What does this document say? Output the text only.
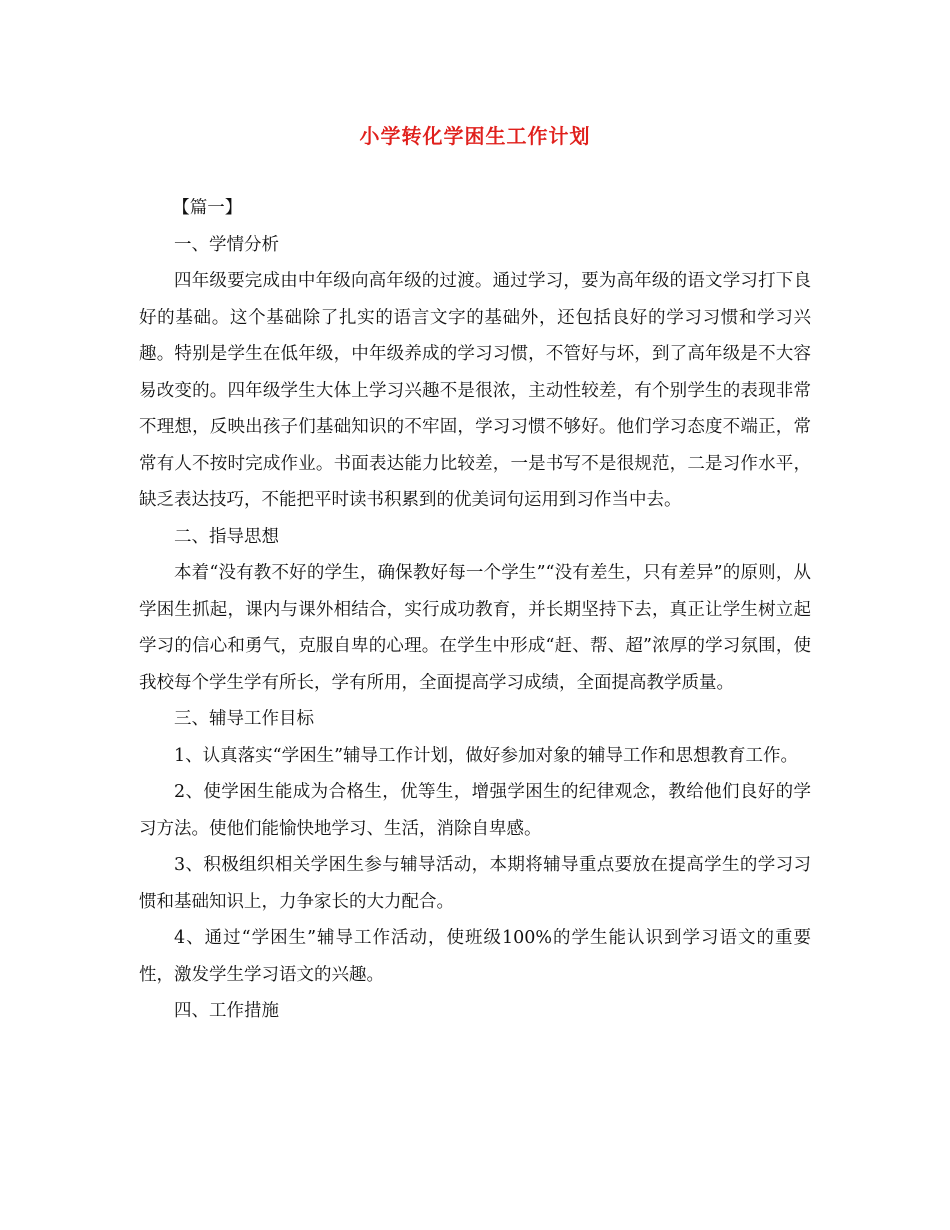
小学转化学困生工作计划

【篇一】

一、学情分析

四年级要完成由中年级向高年级的过渡。通过学习，要为高年级的语文学习打下良好的基础。这个基础除了扎实的语言文字的基础外，还包括良好的学习习惯和学习兴趣。特别是学生在低年级，中年级养成的学习习惯，不管好与坏，到了高年级是不大容易改变的。四年级学生大体上学习兴趣不是很浓，主动性较差，有个别学生的表现非常不理想，反映出孩子们基础知识的不牢固，学习习惯不够好。他们学习态度不端正，常常有人不按时完成作业。书面表达能力比较差，一是书写不是很规范，二是习作水平，缺乏表达技巧，不能把平时读书积累到的优美词句运用到习作当中去。

二、指导思想

本着“没有教不好的学生，确保教好每一个学生”“没有差生，只有差异”的原则，从学困生抓起，课内与课外相结合，实行成功教育，并长期坚持下去，真正让学生树立起学习的信心和勇气，克服自卑的心理。在学生中形成“赶、帮、超”浓厚的学习氛围，使我校每个学生学有所长，学有所用，全面提高学习成绩，全面提高教学质量。

三、辅导工作目标

1、认真落实“学困生”辅导工作计划，做好参加对象的辅导工作和思想教育工作。

2、使学困生能成为合格生，优等生，增强学困生的纪律观念，教给他们良好的学习方法。使他们能愉快地学习、生活，消除自卑感。

3、积极组织相关学困生参与辅导活动，本期将辅导重点要放在提高学生的学习习惯和基础知识上，力争家长的大力配合。

4、通过“学困生”辅导工作活动，使班级100%的学生能认识到学习语文的重要性，激发学生学习语文的兴趣。

四、工作措施
